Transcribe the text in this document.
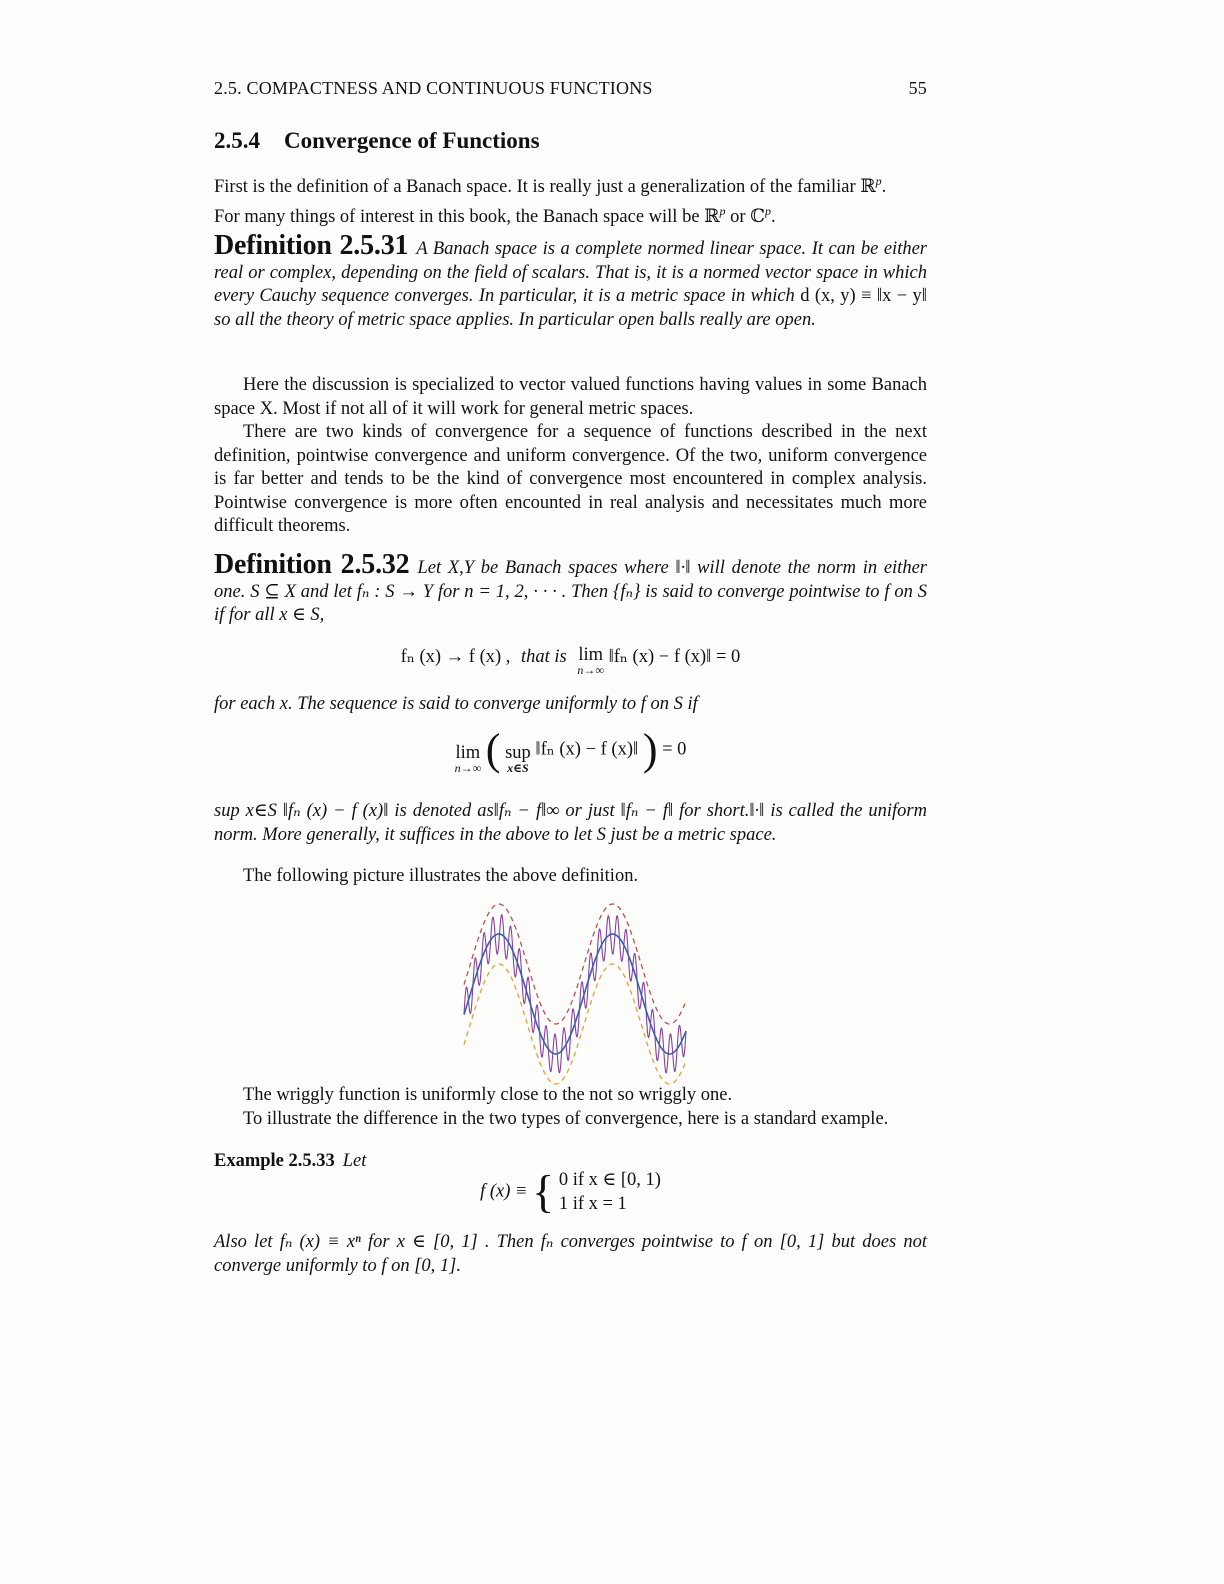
2.5. COMPACTNESS AND CONTINUOUS FUNCTIONS	55
2.5.4 Convergence of Functions

First is the definition of a Banach space. It is really just a generalization of the familiar ℝ$^p$.
For many things of interest in this book, the Banach space will be ℝ$^p$ or ℂ$^p$.

Definition 2.5.31 A Banach space is a complete normed linear space. It can be either real or complex, depending on the field of scalars. That is, it is a normed vector space in which every Cauchy sequence converges. In particular, it is a metric space in which d (x, y) ≡ ‖x − y‖ so all the theory of metric space applies. In particular open balls really are open.

Here the discussion is specialized to vector valued functions having values in some Banach space X. Most if not all of it will work for general metric spaces.

There are two kinds of convergence for a sequence of functions described in the next definition, pointwise convergence and uniform convergence. Of the two, uniform convergence is far better and tends to be the kind of convergence most encountered in complex analysis. Pointwise convergence is more often encounted in real analysis and necessitates much more difficult theorems.

Definition 2.5.32 Let X,Y be Banach spaces where ‖·‖ will denote the norm in either one. S ⊆ X and let fₙ : S → Y for n = 1, 2, · · · . Then {fₙ} is said to converge pointwise to f on S if for all x ∈ S,

fₙ (x) → f (x) , that is lim
n→∞
‖fₙ (x) − f (x)‖ = 0

for each x. The sequence is said to converge uniformly to f on S if

lim
n→∞ ( sup
x∈S
‖fₙ (x) − f (x)‖ ) = 0

sup x∈S ‖fₙ (x) − f (x)‖ is denoted as‖fₙ − f‖∞ or just ‖fₙ − f‖ for short.‖·‖ is called the uniform norm. More generally, it suffices in the above to let S just be a metric space.

The following picture illustrates the above definition.

The wriggly function is uniformly close to the not so wriggly one.

To illustrate the difference in the two types of convergence, here is a standard example.

Example 2.5.33 Let

f (x) ≡ { 0 if x ∈ [0, 1)
1 if x = 1

Also let fₙ (x) ≡ xⁿ for x ∈ [0, 1] . Then fₙ converges pointwise to f on [0, 1] but does not converge uniformly to f on [0, 1].
